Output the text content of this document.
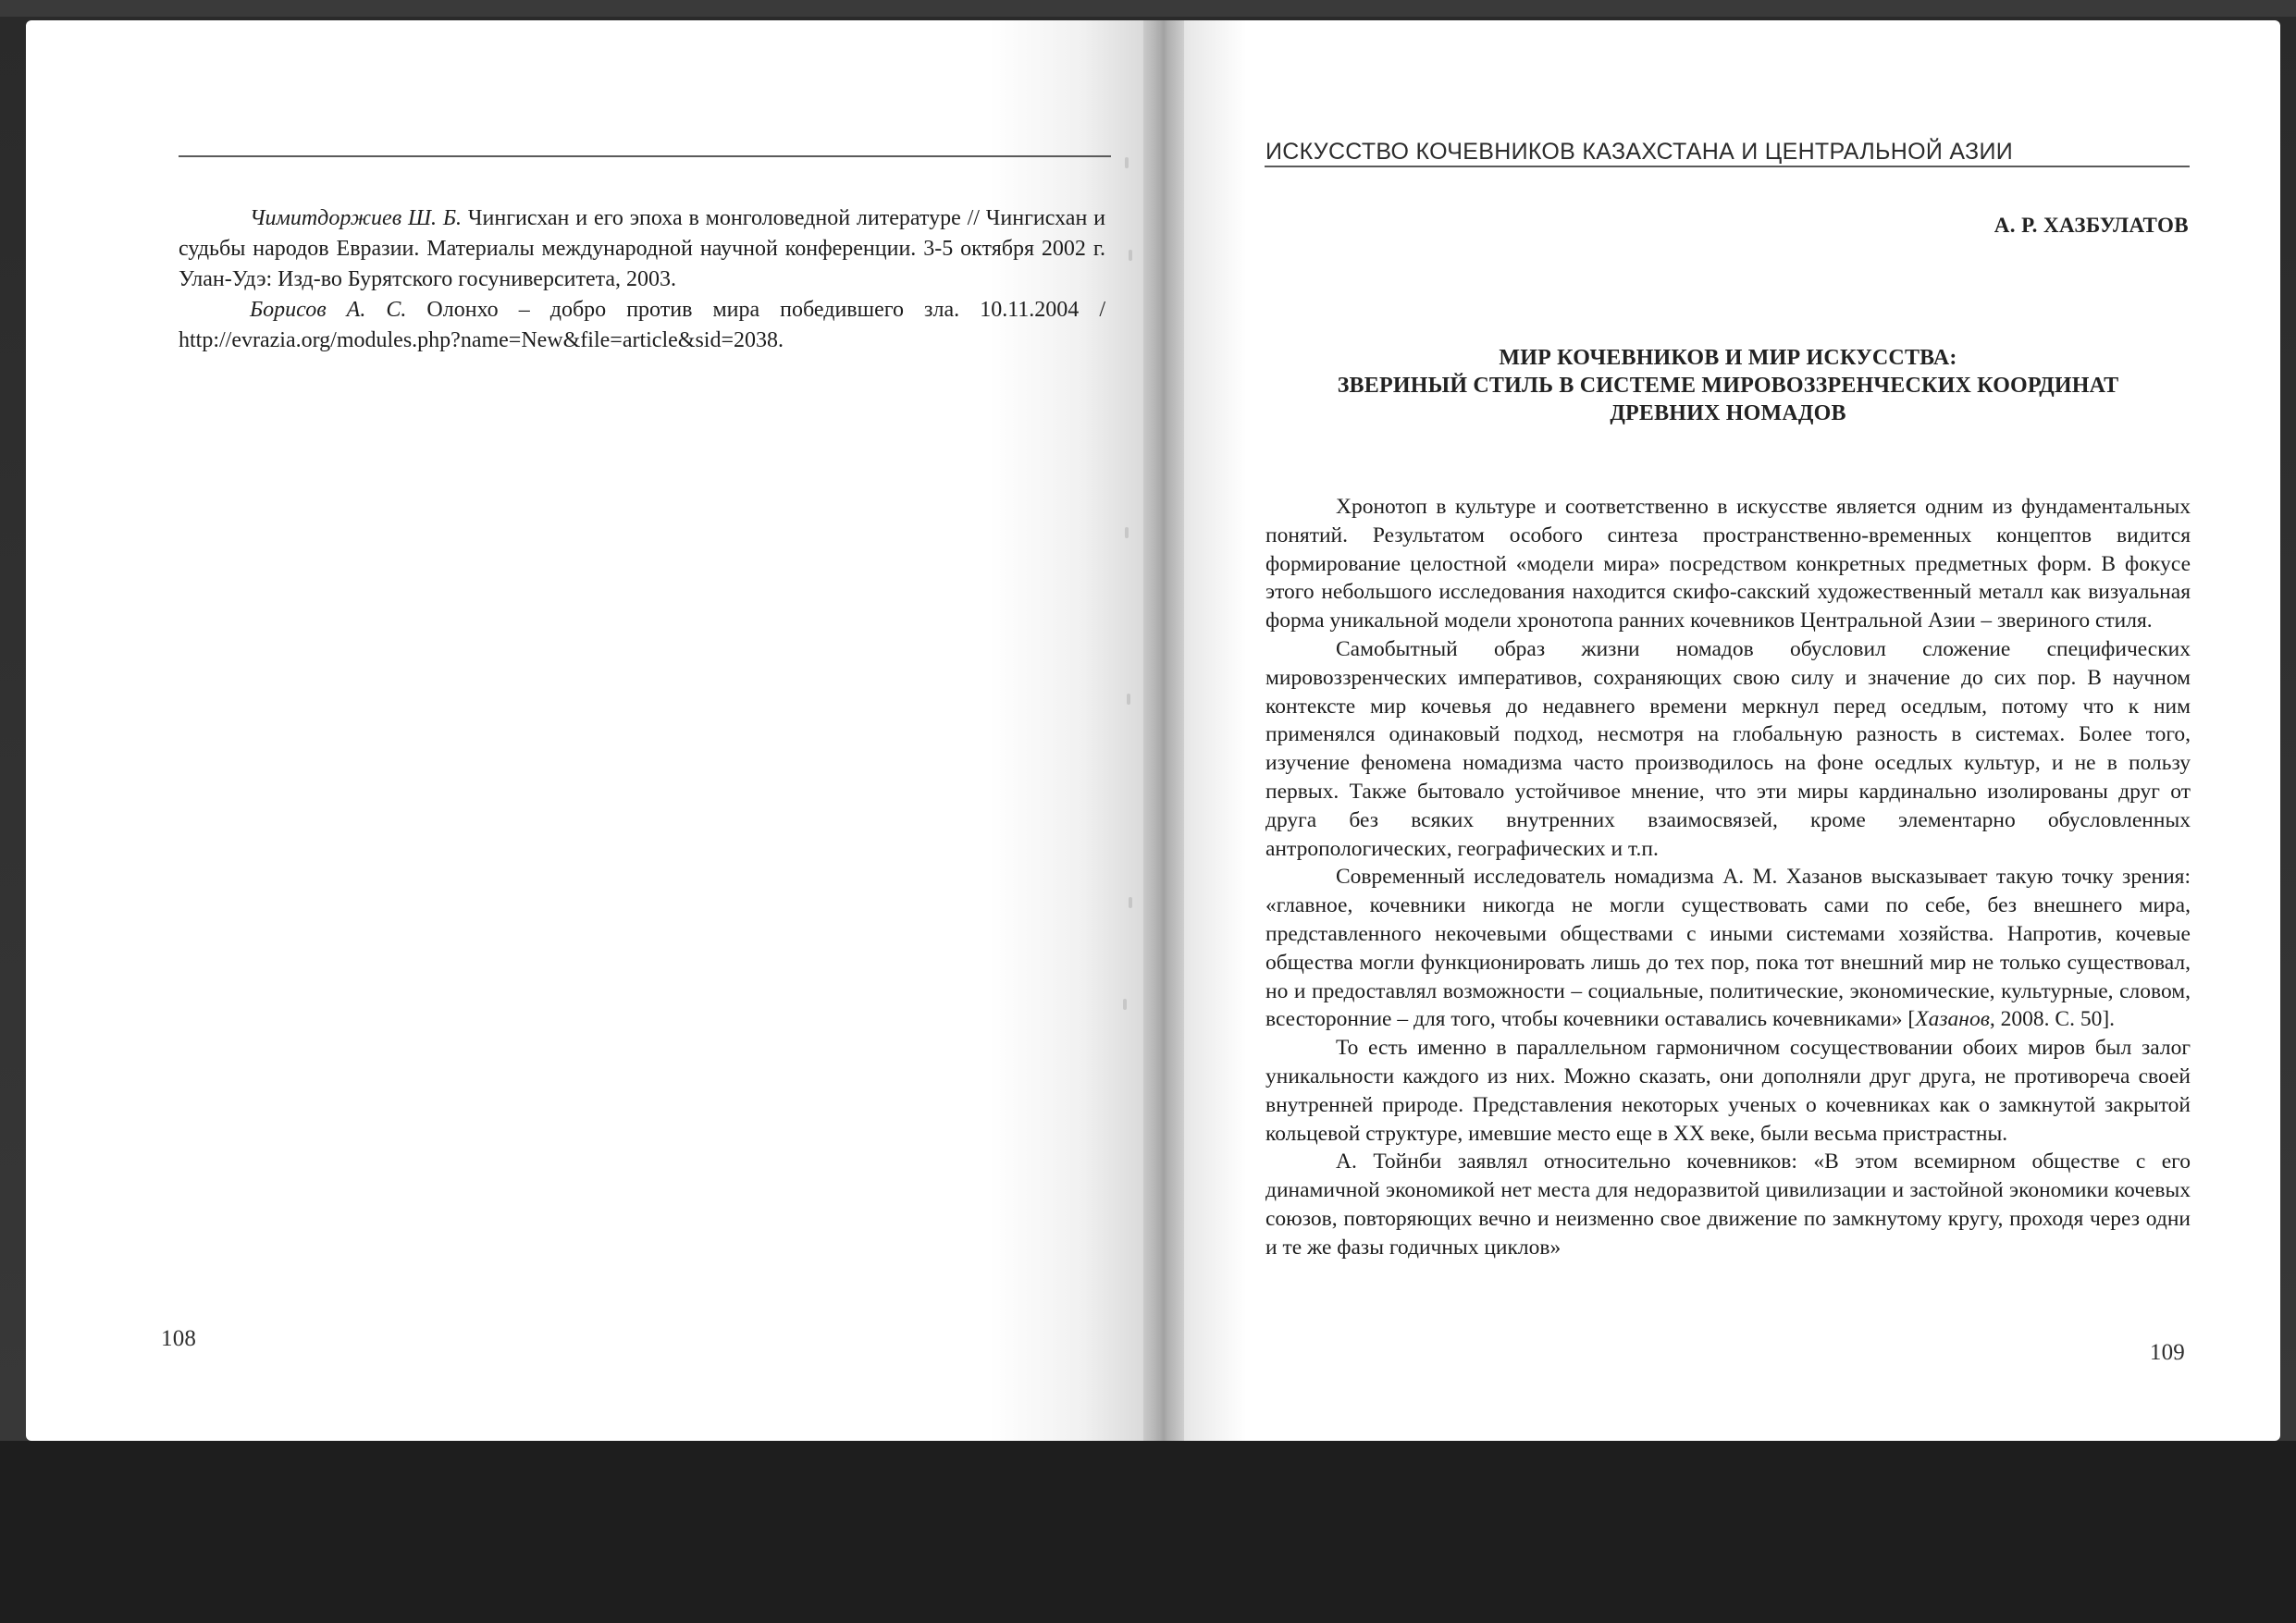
Чимитдоржиев Ш. Б. Чингисхан и его эпоха в монголоведной литературе // Чингисхан и судьбы народов Евразии. Материалы международной научной конференции. 3-5 октября 2002 г. Улан-Удэ: Изд-во Бурятского госуниверситета, 2003.

Борисов А. С. Олонхо – добро против мира победившего зла. 10.11.2004 / http://evrazia.org/modules.php?name=New&file=article&sid=2038.

108
ИСКУССТВО КОЧЕВНИКОВ КАЗАХСТАНА И ЦЕНТРАЛЬНОЙ АЗИИ
А. Р. ХАЗБУЛАТОВ
МИР КОЧЕВНИКОВ И МИР ИСКУССТВА:
ЗВЕРИНЫЙ СТИЛЬ В СИСТЕМЕ МИРОВОЗЗРЕНЧЕСКИХ КООРДИНАТ
ДРЕВНИХ НОМАДОВ

Хронотоп в культуре и соответственно в искусстве является одним из фундаментальных понятий. Результатом особого синтеза пространственно-временных концептов видится формирование целостной «модели мира» посредством конкретных предметных форм. В фокусе этого небольшого исследования находится скифо-сакский художественный металл как визуальная форма уникальной модели хронотопа ранних кочевников Центральной Азии – звериного стиля.

Самобытный образ жизни номадов обусловил сложение специфических мировоззренческих императивов, сохраняющих свою силу и значение до сих пор. В научном контексте мир кочевья до недавнего времени меркнул перед оседлым, потому что к ним применялся одинаковый подход, несмотря на глобальную разность в системах. Более того, изучение феномена номадизма часто производилось на фоне оседлых культур, и не в пользу первых. Также бытовало устойчивое мнение, что эти миры кардинально изолированы друг от друга без всяких внутренних взаимосвязей, кроме элементарно обусловленных антропологических, географических и т.п.

Современный исследователь номадизма А. М. Хазанов высказывает такую точку зрения: «главное, кочевники никогда не могли существовать сами по себе, без внешнего мира, представленного некочевыми обществами с иными системами хозяйства. Напротив, кочевые общества могли функционировать лишь до тех пор, пока тот внешний мир не только существовал, но и предоставлял возможности – социальные, политические, экономические, культурные, словом, всесторонние – для того, чтобы кочевники оставались кочевниками» [Хазанов, 2008. С. 50].

То есть именно в параллельном гармоничном сосуществовании обоих миров был залог уникальности каждого из них. Можно сказать, они дополняли друг друга, не противореча своей внутренней природе. Представления некоторых ученых о кочевниках как о замкнутой закрытой кольцевой структуре, имевшие место еще в XX веке, были весьма пристрастны.

А. Тойнби заявлял относительно кочевников: «В этом всемирном обществе с его динамичной экономикой нет места для недоразвитой цивилизации и застойной экономики кочевых союзов, повторяющих вечно и неизменно свое движение по замкнутому кругу, проходя через одни и те же фазы годичных циклов»

109
